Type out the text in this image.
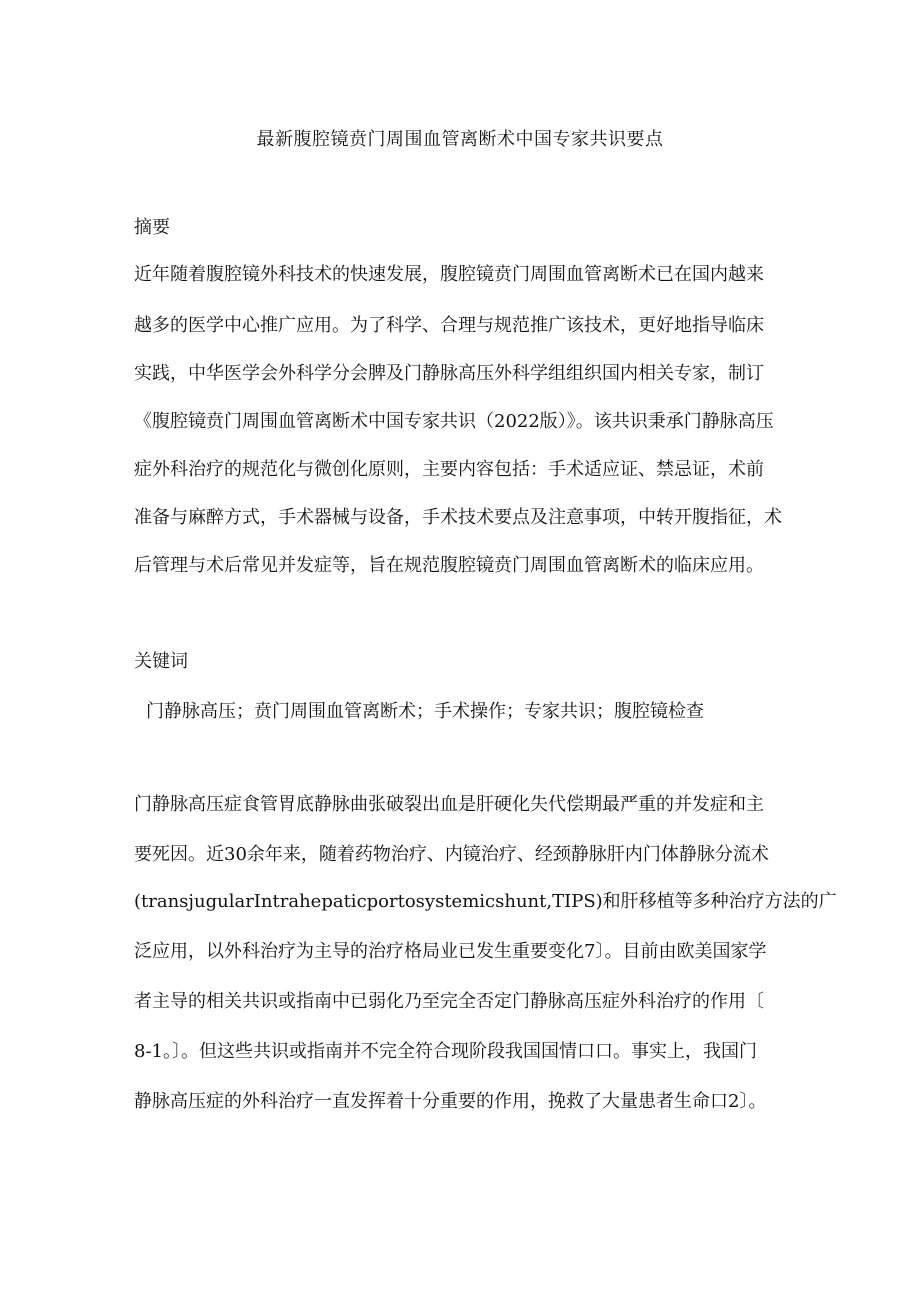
最新腹腔镜贲门周围血管离断术中国专家共识要点
摘要
近年随着腹腔镜外科技术的快速发展，腹腔镜贲门周围血管离断术已在国内越来
越多的医学中心推广应用。为了科学、合理与规范推广该技术，更好地指导临床
实践，中华医学会外科学分会脾及门静脉高压外科学组组织国内相关专家，制订
《腹腔镜贲门周围血管离断术中国专家共识（2022版）》。该共识秉承门静脉高压
症外科治疗的规范化与微创化原则，主要内容包括：手术适应证、禁忌证，术前
准备与麻醉方式，手术器械与设备，手术技术要点及注意事项，中转开腹指征，术
后管理与术后常见并发症等，旨在规范腹腔镜贲门周围血管离断术的临床应用。
关键词
门静脉高压；贲门周围血管离断术；手术操作；专家共识；腹腔镜检查
门静脉高压症食管胃底静脉曲张破裂出血是肝硬化失代偿期最严重的并发症和主
要死因。近30余年来，随着药物治疗、内镜治疗、经颈静脉肝内门体静脉分流术
(transjugularIntrahepaticportosystemicshunt,TIPS)和肝移植等多种治疗方法的广
泛应用，以外科治疗为主导的治疗格局业已发生重要变化7〕。目前由欧美国家学
者主导的相关共识或指南中已弱化乃至完全否定门静脉高压症外科治疗的作用〔
8-1。〕。但这些共识或指南并不完全符合现阶段我国国情口口。事实上，我国门
静脉高压症的外科治疗一直发挥着十分重要的作用，挽救了大量患者生命口2〕。
